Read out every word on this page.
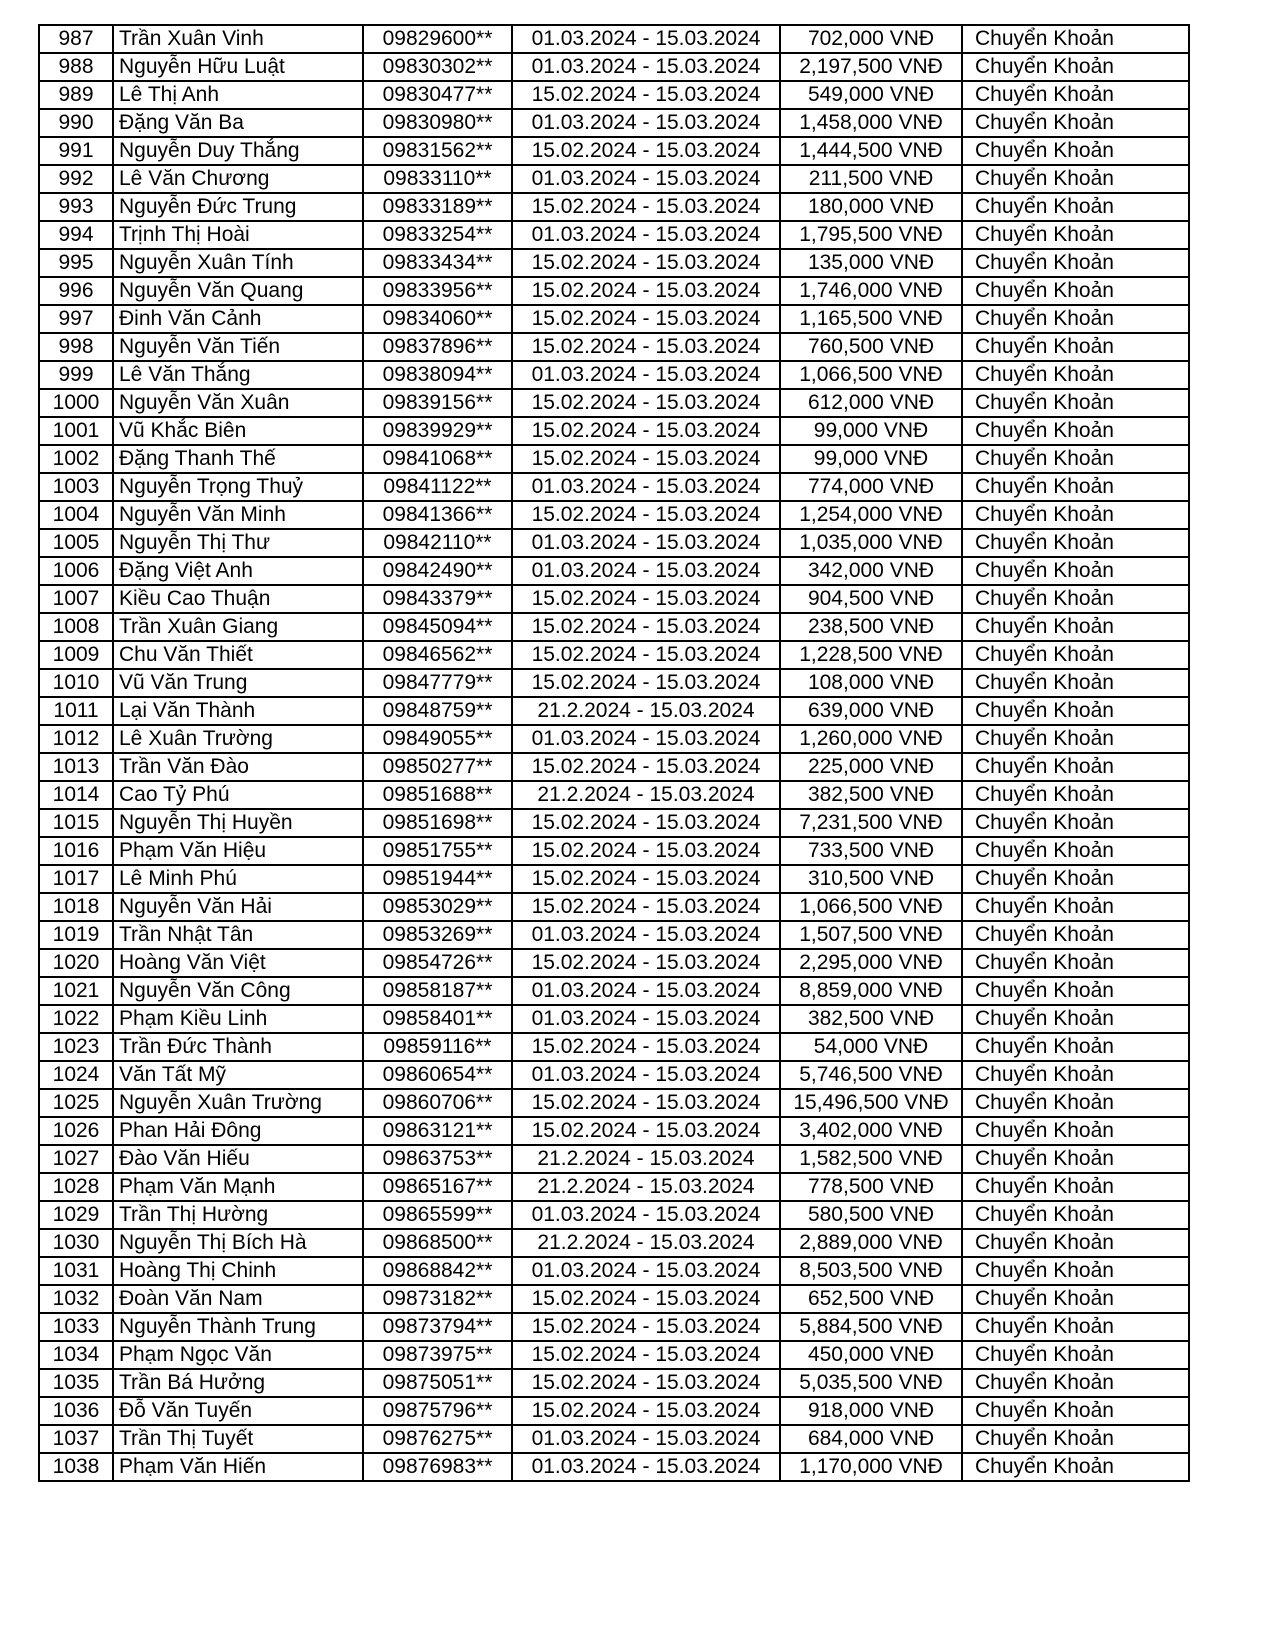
987	Trần Xuân Vinh	09829600**	01.03.2024 - 15.03.2024	702,000 VNĐ	Chuyển Khoản
988	Nguyễn Hữu Luật	09830302**	01.03.2024 - 15.03.2024	2,197,500 VNĐ	Chuyển Khoản
989	Lê Thị Anh	09830477**	15.02.2024 - 15.03.2024	549,000 VNĐ	Chuyển Khoản
990	Đặng Văn Ba	09830980**	01.03.2024 - 15.03.2024	1,458,000 VNĐ	Chuyển Khoản
991	Nguyễn Duy Thắng	09831562**	15.02.2024 - 15.03.2024	1,444,500 VNĐ	Chuyển Khoản
992	Lê Văn Chương	09833110**	01.03.2024 - 15.03.2024	211,500 VNĐ	Chuyển Khoản
993	Nguyễn Đức Trung	09833189**	15.02.2024 - 15.03.2024	180,000 VNĐ	Chuyển Khoản
994	Trịnh Thị Hoài	09833254**	01.03.2024 - 15.03.2024	1,795,500 VNĐ	Chuyển Khoản
995	Nguyễn Xuân Tính	09833434**	15.02.2024 - 15.03.2024	135,000 VNĐ	Chuyển Khoản
996	Nguyễn Văn Quang	09833956**	15.02.2024 - 15.03.2024	1,746,000 VNĐ	Chuyển Khoản
997	Đinh Văn Cảnh	09834060**	15.02.2024 - 15.03.2024	1,165,500 VNĐ	Chuyển Khoản
998	Nguyễn Văn Tiến	09837896**	15.02.2024 - 15.03.2024	760,500 VNĐ	Chuyển Khoản
999	Lê Văn Thắng	09838094**	01.03.2024 - 15.03.2024	1,066,500 VNĐ	Chuyển Khoản
1000	Nguyễn Văn Xuân	09839156**	15.02.2024 - 15.03.2024	612,000 VNĐ	Chuyển Khoản
1001	Vũ Khắc Biên	09839929**	15.02.2024 - 15.03.2024	99,000 VNĐ	Chuyển Khoản
1002	Đặng Thanh Thế	09841068**	15.02.2024 - 15.03.2024	99,000 VNĐ	Chuyển Khoản
1003	Nguyễn Trọng Thuỷ	09841122**	01.03.2024 - 15.03.2024	774,000 VNĐ	Chuyển Khoản
1004	Nguyễn Văn Minh	09841366**	15.02.2024 - 15.03.2024	1,254,000 VNĐ	Chuyển Khoản
1005	Nguyễn Thị Thư	09842110**	01.03.2024 - 15.03.2024	1,035,000 VNĐ	Chuyển Khoản
1006	Đặng Việt Anh	09842490**	01.03.2024 - 15.03.2024	342,000 VNĐ	Chuyển Khoản
1007	Kiều Cao Thuận	09843379**	15.02.2024 - 15.03.2024	904,500 VNĐ	Chuyển Khoản
1008	Trần Xuân Giang	09845094**	15.02.2024 - 15.03.2024	238,500 VNĐ	Chuyển Khoản
1009	Chu Văn Thiết	09846562**	15.02.2024 - 15.03.2024	1,228,500 VNĐ	Chuyển Khoản
1010	Vũ Văn Trung	09847779**	15.02.2024 - 15.03.2024	108,000 VNĐ	Chuyển Khoản
1011	Lại Văn Thành	09848759**	21.2.2024 - 15.03.2024	639,000 VNĐ	Chuyển Khoản
1012	Lê Xuân Trường	09849055**	01.03.2024 - 15.03.2024	1,260,000 VNĐ	Chuyển Khoản
1013	Trần Văn Đào	09850277**	15.02.2024 - 15.03.2024	225,000 VNĐ	Chuyển Khoản
1014	Cao Tỷ Phú	09851688**	21.2.2024 - 15.03.2024	382,500 VNĐ	Chuyển Khoản
1015	Nguyễn Thị Huyền	09851698**	15.02.2024 - 15.03.2024	7,231,500 VNĐ	Chuyển Khoản
1016	Phạm Văn Hiệu	09851755**	15.02.2024 - 15.03.2024	733,500 VNĐ	Chuyển Khoản
1017	Lê Minh Phú	09851944**	15.02.2024 - 15.03.2024	310,500 VNĐ	Chuyển Khoản
1018	Nguyễn Văn Hải	09853029**	15.02.2024 - 15.03.2024	1,066,500 VNĐ	Chuyển Khoản
1019	Trần Nhật Tân	09853269**	01.03.2024 - 15.03.2024	1,507,500 VNĐ	Chuyển Khoản
1020	Hoàng Văn Việt	09854726**	15.02.2024 - 15.03.2024	2,295,000 VNĐ	Chuyển Khoản
1021	Nguyễn Văn Công	09858187**	01.03.2024 - 15.03.2024	8,859,000 VNĐ	Chuyển Khoản
1022	Phạm Kiều Linh	09858401**	01.03.2024 - 15.03.2024	382,500 VNĐ	Chuyển Khoản
1023	Trần Đức Thành	09859116**	15.02.2024 - 15.03.2024	54,000 VNĐ	Chuyển Khoản
1024	Văn Tất Mỹ	09860654**	01.03.2024 - 15.03.2024	5,746,500 VNĐ	Chuyển Khoản
1025	Nguyễn Xuân Trường	09860706**	15.02.2024 - 15.03.2024	15,496,500 VNĐ	Chuyển Khoản
1026	Phan Hải Đông	09863121**	15.02.2024 - 15.03.2024	3,402,000 VNĐ	Chuyển Khoản
1027	Đào Văn Hiếu	09863753**	21.2.2024 - 15.03.2024	1,582,500 VNĐ	Chuyển Khoản
1028	Phạm Văn Mạnh	09865167**	21.2.2024 - 15.03.2024	778,500 VNĐ	Chuyển Khoản
1029	Trần Thị Hường	09865599**	01.03.2024 - 15.03.2024	580,500 VNĐ	Chuyển Khoản
1030	Nguyễn Thị Bích Hà	09868500**	21.2.2024 - 15.03.2024	2,889,000 VNĐ	Chuyển Khoản
1031	Hoàng Thị Chinh	09868842**	01.03.2024 - 15.03.2024	8,503,500 VNĐ	Chuyển Khoản
1032	Đoàn Văn Nam	09873182**	15.02.2024 - 15.03.2024	652,500 VNĐ	Chuyển Khoản
1033	Nguyễn Thành Trung	09873794**	15.02.2024 - 15.03.2024	5,884,500 VNĐ	Chuyển Khoản
1034	Phạm Ngọc Văn	09873975**	15.02.2024 - 15.03.2024	450,000 VNĐ	Chuyển Khoản
1035	Trần Bá Hưởng	09875051**	15.02.2024 - 15.03.2024	5,035,500 VNĐ	Chuyển Khoản
1036	Đỗ Văn Tuyến	09875796**	15.02.2024 - 15.03.2024	918,000 VNĐ	Chuyển Khoản
1037	Trần Thị Tuyết	09876275**	01.03.2024 - 15.03.2024	684,000 VNĐ	Chuyển Khoản
1038	Phạm Văn Hiến	09876983**	01.03.2024 - 15.03.2024	1,170,000 VNĐ	Chuyển Khoản
